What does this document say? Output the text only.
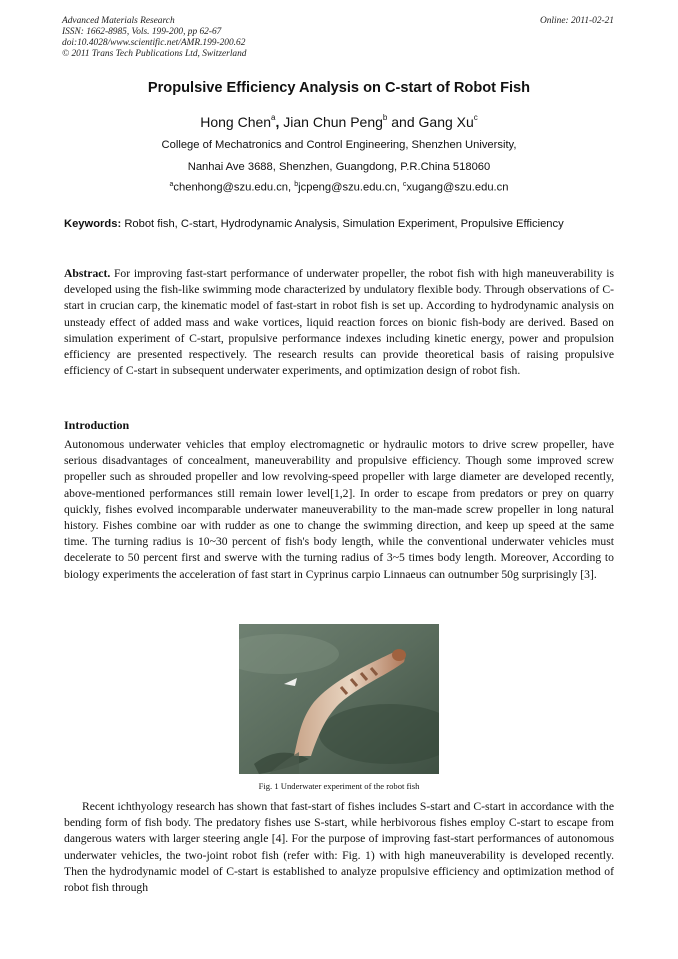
Advanced Materials Research
ISSN: 1662-8985, Vols. 199-200, pp 62-67
doi:10.4028/www.scientific.net/AMR.199-200.62
© 2011 Trans Tech Publications Ltd, Switzerland
Online: 2011-02-21
Propulsive Efficiency Analysis on C-start of Robot Fish
Hong Chen$^a$, Jian Chun Peng$^b$ and Gang Xu$^c$
College of Mechatronics and Control Engineering, Shenzhen University,
Nanhai Ave 3688, Shenzhen, Guangdong, P.R.China 518060
$^a$chenhong@szu.edu.cn, $^b$jcpeng@szu.edu.cn, $^c$xugang@szu.edu.cn
Keywords: Robot fish, C-start, Hydrodynamic Analysis, Simulation Experiment, Propulsive Efficiency

Abstract. For improving fast-start performance of underwater propeller, the robot fish with high maneuverability is developed using the fish-like swimming mode characterized by undulatory flexible body. Through observations of C-start in crucian carp, the kinematic model of fast-start in robot fish is set up. According to hydrodynamic analysis on unsteady effect of added mass and wake vortices, liquid reaction forces on bionic fish-body are derived. Based on simulation experiment of C-start, propulsive performance indexes including kinetic energy, power and propulsion efficiency are presented respectively. The research results can provide theoretical basis of raising propulsive efficiency of C-start in subsequent underwater experiments, and optimization design of robot fish.

Introduction

Autonomous underwater vehicles that employ electromagnetic or hydraulic motors to drive screw propeller, have serious disadvantages of concealment, maneuverability and propulsive efficiency. Though some improved screw propeller such as shrouded propeller and low revolving-speed propeller with large diameter are developed recently, above-mentioned performances still remain lower level[1,2]. In order to escape from predators or prey on quarry quickly, fishes evolved incomparable underwater maneuverability to the man-made screw propeller in long natural history. Fishes combine oar with rudder as one to change the swimming direction, and keep up speed at the same time. The turning radius is 10~30 percent of fish's body length, while the conventional underwater vehicles must decelerate to 50 percent first and swerve with the turning radius of 3~5 times body length. Moreover, According to biology experiments the acceleration of fast start in Cyprinus carpio Linnaeus can outnumber 50g surprisingly [3].

Fig. 1 Underwater experiment of the robot fish

Recent ichthyology research has shown that fast-start of fishes includes S-start and C-start in accordance with the bending form of fish body. The predatory fishes use S-start, while herbivorous fishes employ C-start to escape from dangerous waters with larger steering angle [4]. For the purpose of improving fast-start performances of autonomous underwater vehicles, the two-joint robot fish (refer with: Fig. 1) with high maneuverability is developed recently. Then the hydrodynamic model of C-start is established to analyze propulsive efficiency and optimization method of robot fish through
